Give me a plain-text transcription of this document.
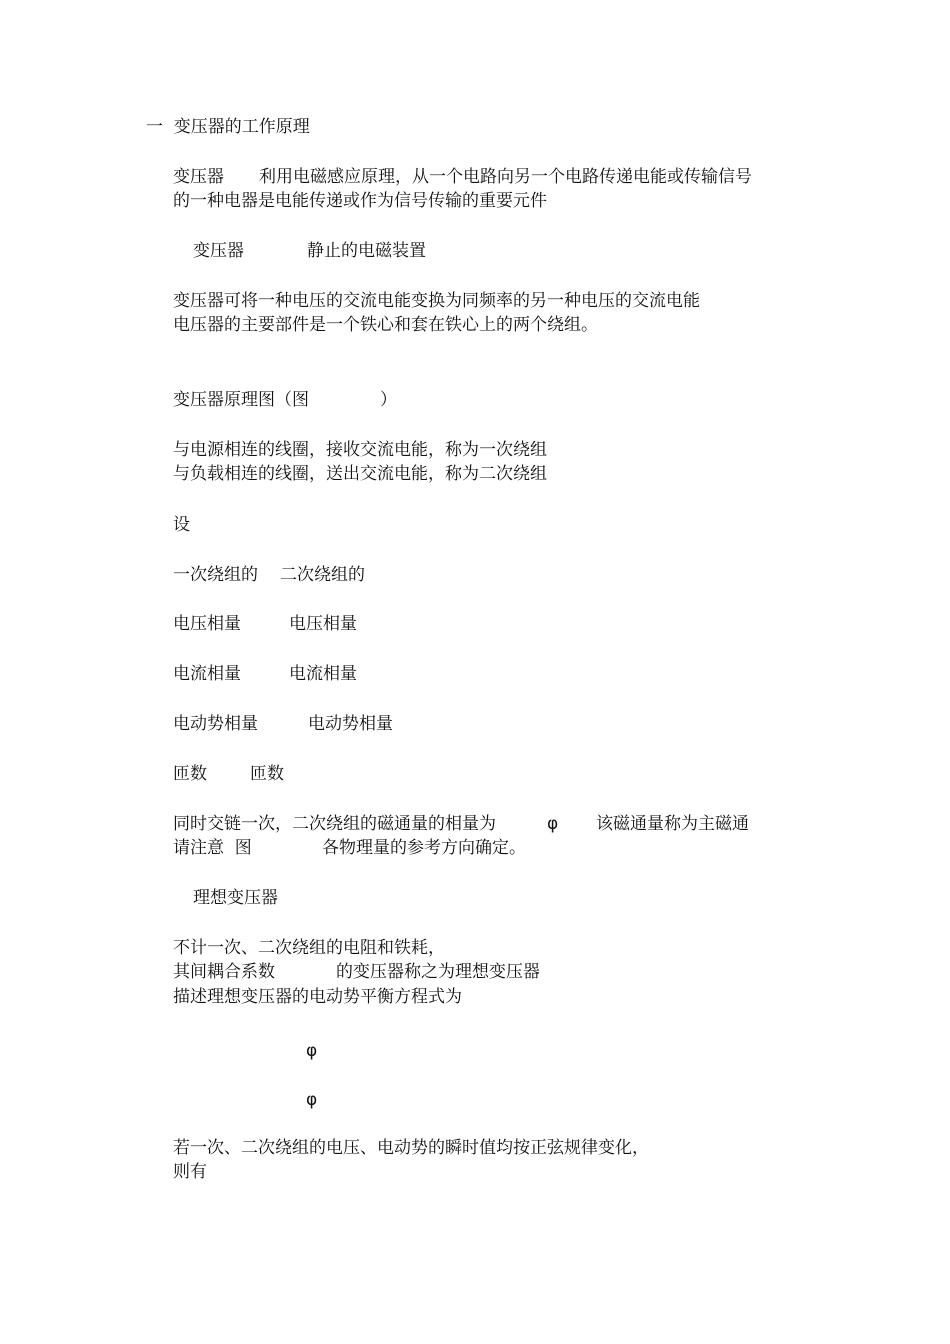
一  变压器的工作原理
变压器 利用电磁感应原理，从一个电路向另一个电路传递电能或传输信号
的一种电器是电能传递或作为信号传输的重要元件
变压器	静止的电磁装置
变压器可将一种电压的交流电能变换为同频率的另一种电压的交流电能
电压器的主要部件是一个铁心和套在铁心上的两个绕组。
变压器原理图（图	）
与电源相连的线圈，接收交流电能，称为一次绕组
与负载相连的线圈，送出交流电能，称为二次绕组
设
一次绕组的 二次绕组的
电压相量	电压相量
电流相量	电流相量
电动势相量	电动势相量
匝数	匝数
同时交链一次，二次绕组的磁通量的相量为	φ 该磁通量称为主磁通
请注意  图	各物理量的参考方向确定。
理想变压器
不计一次、二次绕组的电阻和铁耗，
其间耦合系数	的变压器称之为理想变压器
描述理想变压器的电动势平衡方程式为
φ
φ
若一次、二次绕组的电压、电动势的瞬时值均按正弦规律变化，
则有
